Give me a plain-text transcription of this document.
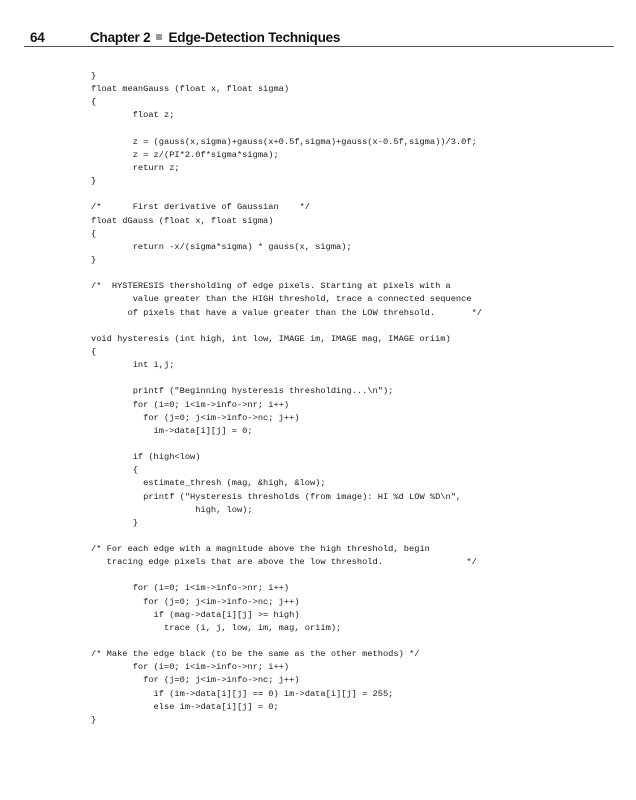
64	Chapter 2 Edge-Detection Techniques
}
float meanGauss (float x, float sigma)
{
float z;
z = (gauss(x,sigma)+gauss(x+0.5f,sigma)+gauss(x-0.5f,sigma))/3.0f;
z = z/(PI*2.0f*sigma*sigma);
return z;
}
/*      First derivative of Gaussian    */
float dGauss (float x, float sigma)
{
return -x/(sigma*sigma) * gauss(x, sigma);
}
/*  HYSTERESIS thersholding of edge pixels. Starting at pixels with a
value greater than the HIGH threshold, trace a connected sequence
of pixels that have a value greater than the LOW threhsold.       */
void hysteresis (int high, int low, IMAGE im, IMAGE mag, IMAGE oriim)
{
int i,j;
printf ("Beginning hysteresis thresholding...\n");
for (i=0; i<im->info->nr; i++)
for (j=0; j<im->info->nc; j++)
im->data[i][j] = 0;
if (high<low)
{
estimate_thresh (mag, &high, &low);
printf ("Hysteresis thresholds (from image): HI %d LOW %D\n",
high, low);
}
/* For each edge with a magnitude above the high threshold, begin
tracing edge pixels that are above the low threshold.                */
for (i=0; i<im->info->nr; i++)
for (j=0; j<im->info->nc; j++)
if (mag->data[i][j] >= high)
trace (i, j, low, im, mag, oriim);
/* Make the edge black (to be the same as the other methods) */
for (i=0; i<im->info->nr; i++)
for (j=0; j<im->info->nc; j++)
if (im->data[i][j] == 0) im->data[i][j] = 255;
else im->data[i][j] = 0;
}
